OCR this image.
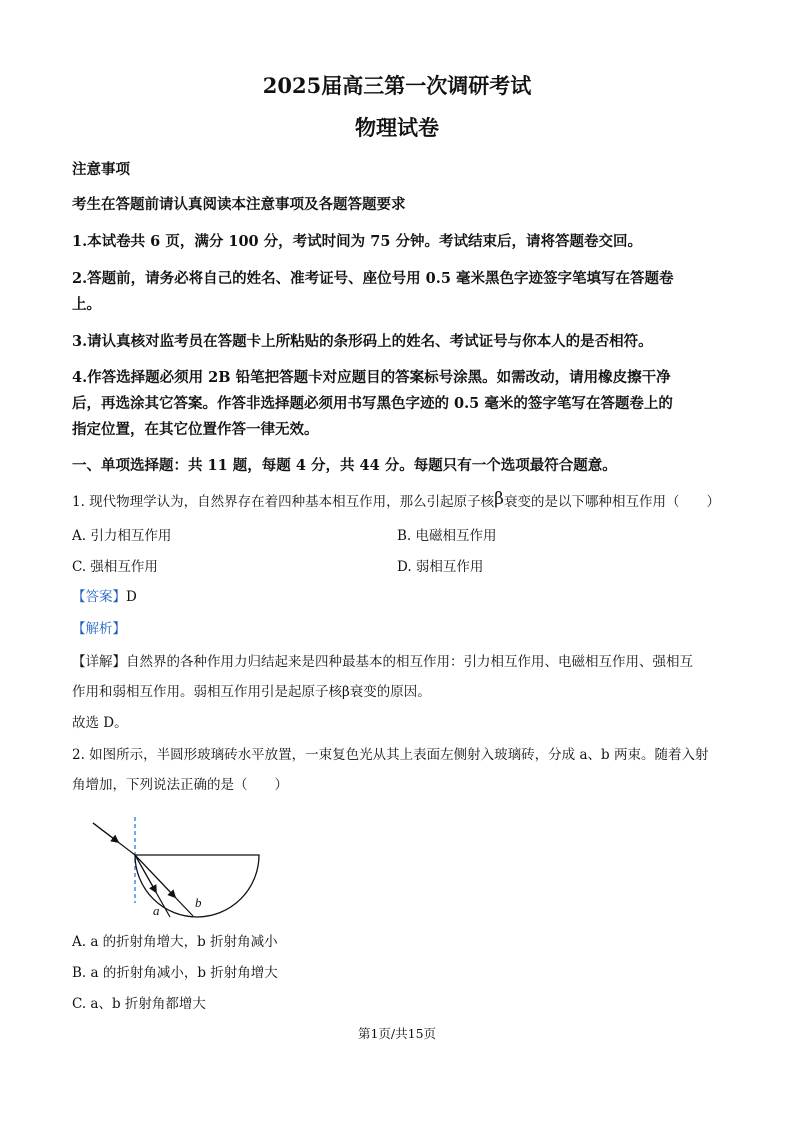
2025届高三第一次调研考试
物理试卷
注意事项
考生在答题前请认真阅读本注意事项及各题答题要求
1.本试卷共 6 页，满分 100 分，考试时间为 75 分钟。考试结束后，请将答题卷交回。
2.答题前，请务必将自己的姓名、准考证号、座位号用 0.5 毫米黑色字迹签字笔填写在答题卷
上。
3.请认真核对监考员在答题卡上所粘贴的条形码上的姓名、考试证号与你本人的是否相符。
4.作答选择题必须用 2B 铅笔把答题卡对应题目的答案标号涂黑。如需改动，请用橡皮擦干净
后，再选涂其它答案。作答非选择题必须用书写黑色字迹的 0.5 毫米的签字笔写在答题卷上的
指定位置，在其它位置作答一律无效。
一、单项选择题：共 11 题，每题 4 分，共 44 分。每题只有一个选项最符合题意。
1. 现代物理学认为，自然界存在着四种基本相互作用，那么引起原子核β衰变的是以下哪种相互作用（　　）
A. 引力相互作用	B. 电磁相互作用
C. 强相互作用	D. 弱相互作用
【答案】D
【解析】
【详解】自然界的各种作用力归结起来是四种最基本的相互作用：引力相互作用、电磁相互作用、强相互
作用和弱相互作用。弱相互作用引是起原子核β衰变的原因。
故选 D。
2. 如图所示，半圆形玻璃砖水平放置，一束复色光从其上表面左侧射入玻璃砖，分成 a、b 两束。随着入射
角增加，下列说法正确的是（　　）
a
b
A. a 的折射角增大，b 折射角减小
B. a 的折射角减小，b 折射角增大
C. a、b 折射角都增大
第1页/共15页
